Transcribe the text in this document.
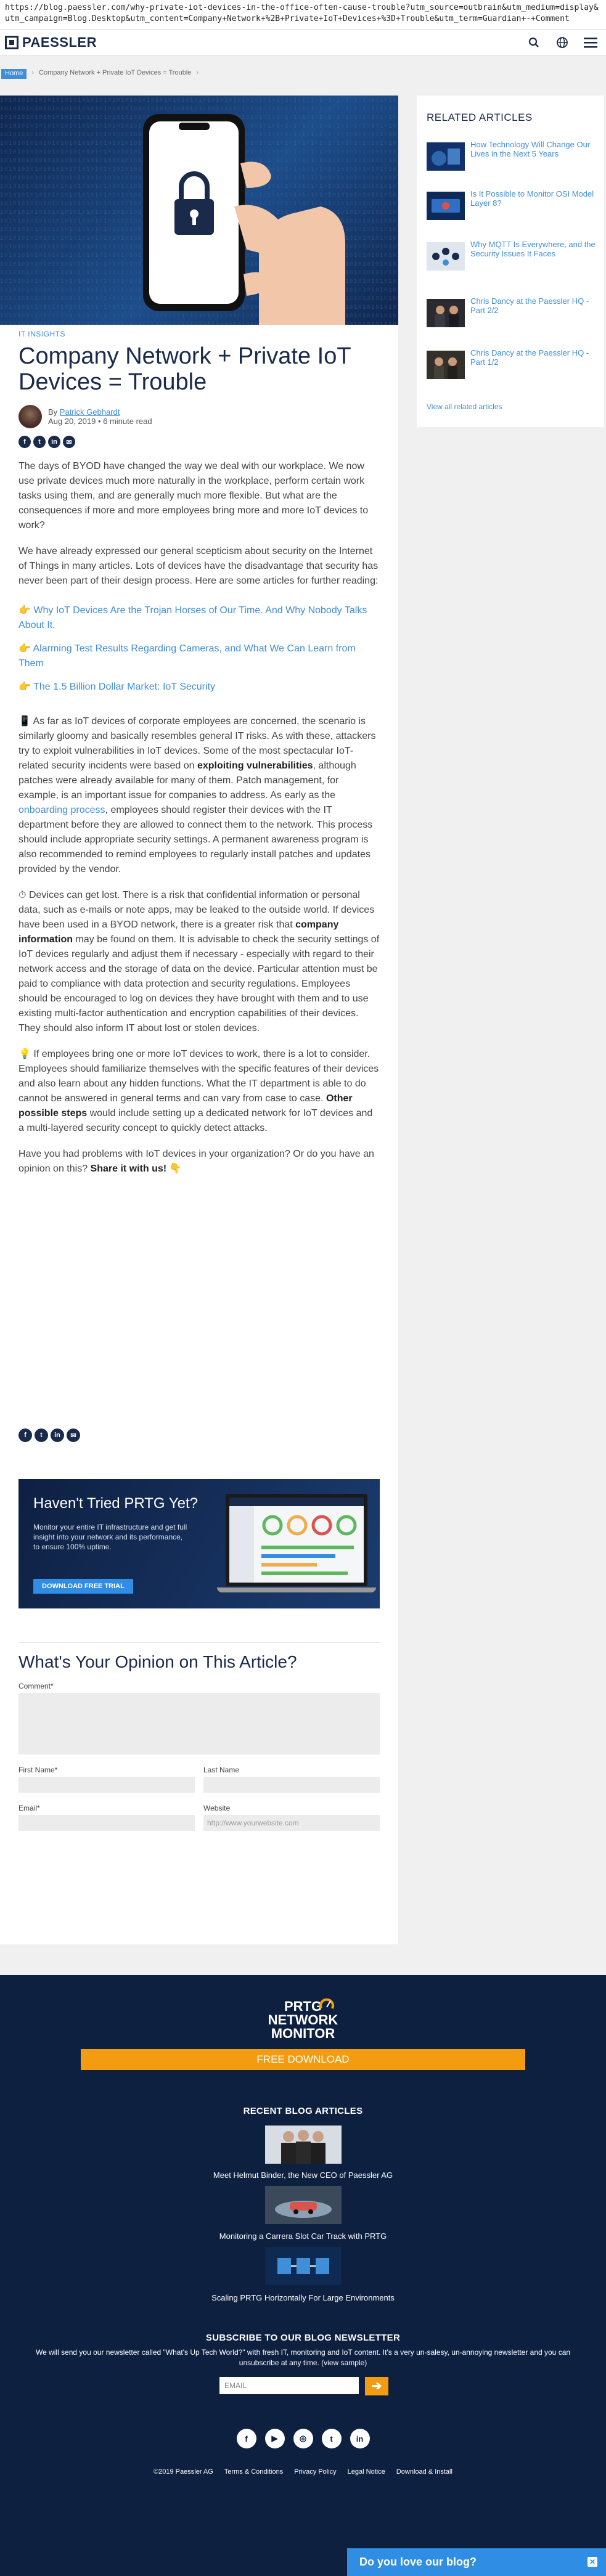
https://blog.paessler.com/why-private-iot-devices-in-the-office-often-cause-trouble?utm_source=outbrain&utm_medium=display&utm_campaign=Blog.Desktop&utm_content=Company+Network+%2B+Private+IoT+Devices+%3D+Trouble&utm_term=Guardian+-+Comment
PAESSLER
Home	› Company Network + Private IoT Devices = Trouble ›
IT INSIGHTS
Company Network + Private IoT Devices = Trouble
By Patrick Gebhardt
Aug 20, 2019 • 6 minute read
f	t	in	✉

The days of BYOD have changed the way we deal with our workplace. We now use private devices much more naturally in the workplace, perform certain work tasks using them, and are generally much more flexible. But what are the consequences if more and more employees bring more and more IoT devices to work?

We have already expressed our general scepticism about security on the Internet of Things in many articles. Lots of devices have the disadvantage that security has never been part of their design process. Here are some articles for further reading:

👉 Why IoT Devices Are the Trojan Horses of Our Time. And Why Nobody Talks About It.

👉 Alarming Test Results Regarding Cameras, and What We Can Learn from Them

👉 The 1.5 Billion Dollar Market: IoT Security

📱 As far as IoT devices of corporate employees are concerned, the scenario is similarly gloomy and basically resembles general IT risks. As with these, attackers try to exploit vulnerabilities in IoT devices. Some of the most spectacular IoT-related security incidents were based on exploiting vulnerabilities, although patches were already available for many of them. Patch management, for example, is an important issue for companies to address. As early as the onboarding process, employees should register their devices with the IT department before they are allowed to connect them to the network. This process should include appropriate security settings. A permanent awareness program is also recommended to remind employees to regularly install patches and updates provided by the vendor.

⏱ Devices can get lost. There is a risk that confidential information or personal data, such as e-mails or note apps, may be leaked to the outside world. If devices have been used in a BYOD network, there is a greater risk that company information may be found on them. It is advisable to check the security settings of IoT devices regularly and adjust them if necessary - especially with regard to their network access and the storage of data on the device. Particular attention must be paid to compliance with data protection and security regulations. Employees should be encouraged to log on devices they have brought with them and to use existing multi-factor authentication and encryption capabilities of their devices. They should also inform IT about lost or stolen devices.

💡 If employees bring one or more IoT devices to work, there is a lot to consider. Employees should familiarize themselves with the specific features of their devices and also learn about any hidden functions. What the IT department is able to do cannot be answered in general terms and can vary from case to case. Other possible steps would include setting up a dedicated network for IoT devices and a multi-layered security concept to quickly detect attacks.

Have you had problems with IoT devices in your organization? Or do you have an opinion on this? Share it with us! 👇

f	t	in	✉
Haven't Tried PRTG Yet?
Monitor your entire IT infrastructure and get full insight into your network and its performance, to ensure 100% uptime.
DOWNLOAD FREE TRIAL
What's Your Opinion on This Article?
Comment*
First Name*	Last Name
Email*	Website
http://www.yourwebsite.com
RELATED ARTICLES
How Technology Will Change Our Lives in the Next 5 Years
Is It Possible to Monitor OSI Model Layer 8?
Why MQTT Is Everywhere, and the Security Issues It Faces
Chris Dancy at the Paessler HQ - Part 2/2
Chris Dancy at the Paessler HQ - Part 1/2
View all related articles
PRTG
NETWORK
MONITOR
FREE DOWNLOAD
RECENT BLOG ARTICLES
Meet Helmut Binder, the New CEO of Paessler AG
Monitoring a Carrera Slot Car Track with PRTG
Scaling PRTG Horizontally For Large Environments
SUBSCRIBE TO OUR BLOG NEWSLETTER
We will send you our newsletter called "What's Up Tech World?" with fresh IT, monitoring and IoT content. It's a very un-salesy, un-annoying newsletter and you can unsubscribe at any time. (view sample)
EMAIL	➔
f	▶	◎	t	in
©2019 Paessler AG Terms & Conditions Privacy Policy Legal Notice Download & Install
Do you love our blog?	✕
